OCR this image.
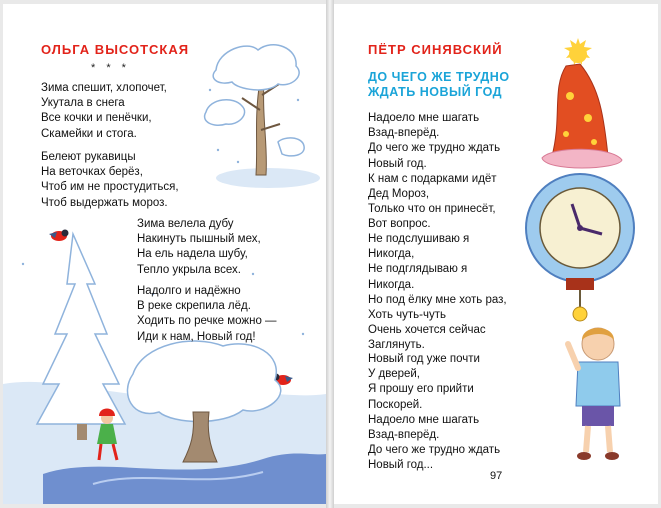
ОЛЬГА ВЫСОТСКАЯ
* * *
Зима спешит, хлопочет,
Укутала в снега
Все кочки и пенёчки,
Скамейки и стога.
Белеют рукавицы
На веточках берёз,
Чтоб им не простудиться,
Чтоб выдержать мороз.
Зима велела дубу
Накинуть пышный мех,
На ель надела шубу,
Тепло укрыла всех.
Надолго и надёжно
В реке скрепила лёд.
Ходить по речке можно —
Иди к нам, Новый год!
ПЁТР СИНЯВСКИЙ
ДО ЧЕГО ЖЕ ТРУДНО
ЖДАТЬ НОВЫЙ ГОД
Надоело мне шагать
Взад-вперёд.
До чего же трудно ждать
Новый год.
К нам с подарками идёт
Дед Мороз,
Только что он принесёт,
Вот вопрос.
Не подслушиваю я
Никогда,
Не подглядываю я
Никогда.
Но под ёлку мне хоть раз,
Хоть чуть-чуть
Очень хочется сейчас
Заглянуть.
Новый год уже почти
У дверей,
Я прошу его прийти
Поскорей.
Надоело мне шагать
Взад-вперёд.
До чего же трудно ждать
Новый год...
97
